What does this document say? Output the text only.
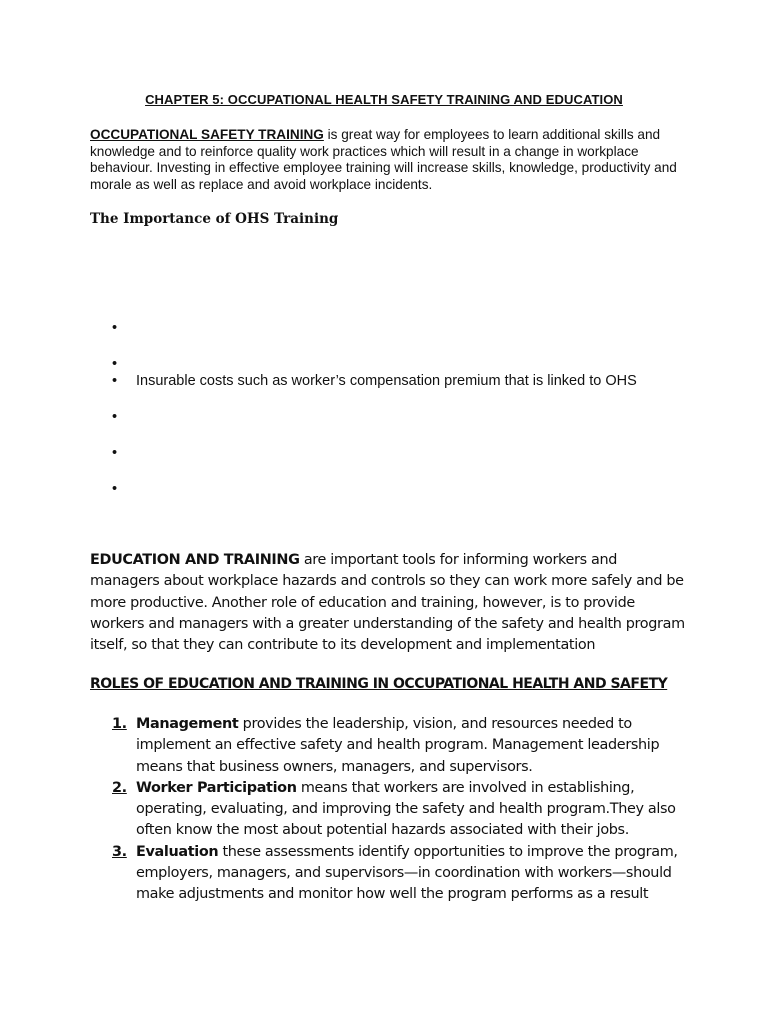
CHAPTER 5: OCCUPATIONAL HEALTH SAFETY TRAINING AND EDUCATION
OCCUPATIONAL SAFETY TRAINING is great way for employees to learn additional skills and knowledge and to reinforce quality work practices which will result in a change in workplace behaviour. Investing in effective employee training will increase skills, knowledge, productivity and morale as well as replace and avoid workplace incidents.
The Importance of OHS Training
•
•
•	Insurable costs such as worker’s compensation premium that is linked to OHS
•
•
•
EDUCATION AND TRAINING are important tools for informing workers and managers about workplace hazards and controls so they can work more safely and be more productive. Another role of education and training, however, is to provide workers and managers with a greater understanding of the safety and health program itself, so that they can contribute to its development and implementation
ROLES OF EDUCATION AND TRAINING IN OCCUPATIONAL HEALTH AND SAFETY
1. Management provides the leadership, vision, and resources needed to implement an effective safety and health program. Management leadership means that business owners, managers, and supervisors.
2. Worker Participation means that workers are involved in establishing, operating, evaluating, and improving the safety and health program.They also often know the most about potential hazards associated with their jobs.
3. Evaluation these assessments identify opportunities to improve the program, employers, managers, and supervisors—in coordination with workers—should make adjustments and monitor how well the program performs as a result
